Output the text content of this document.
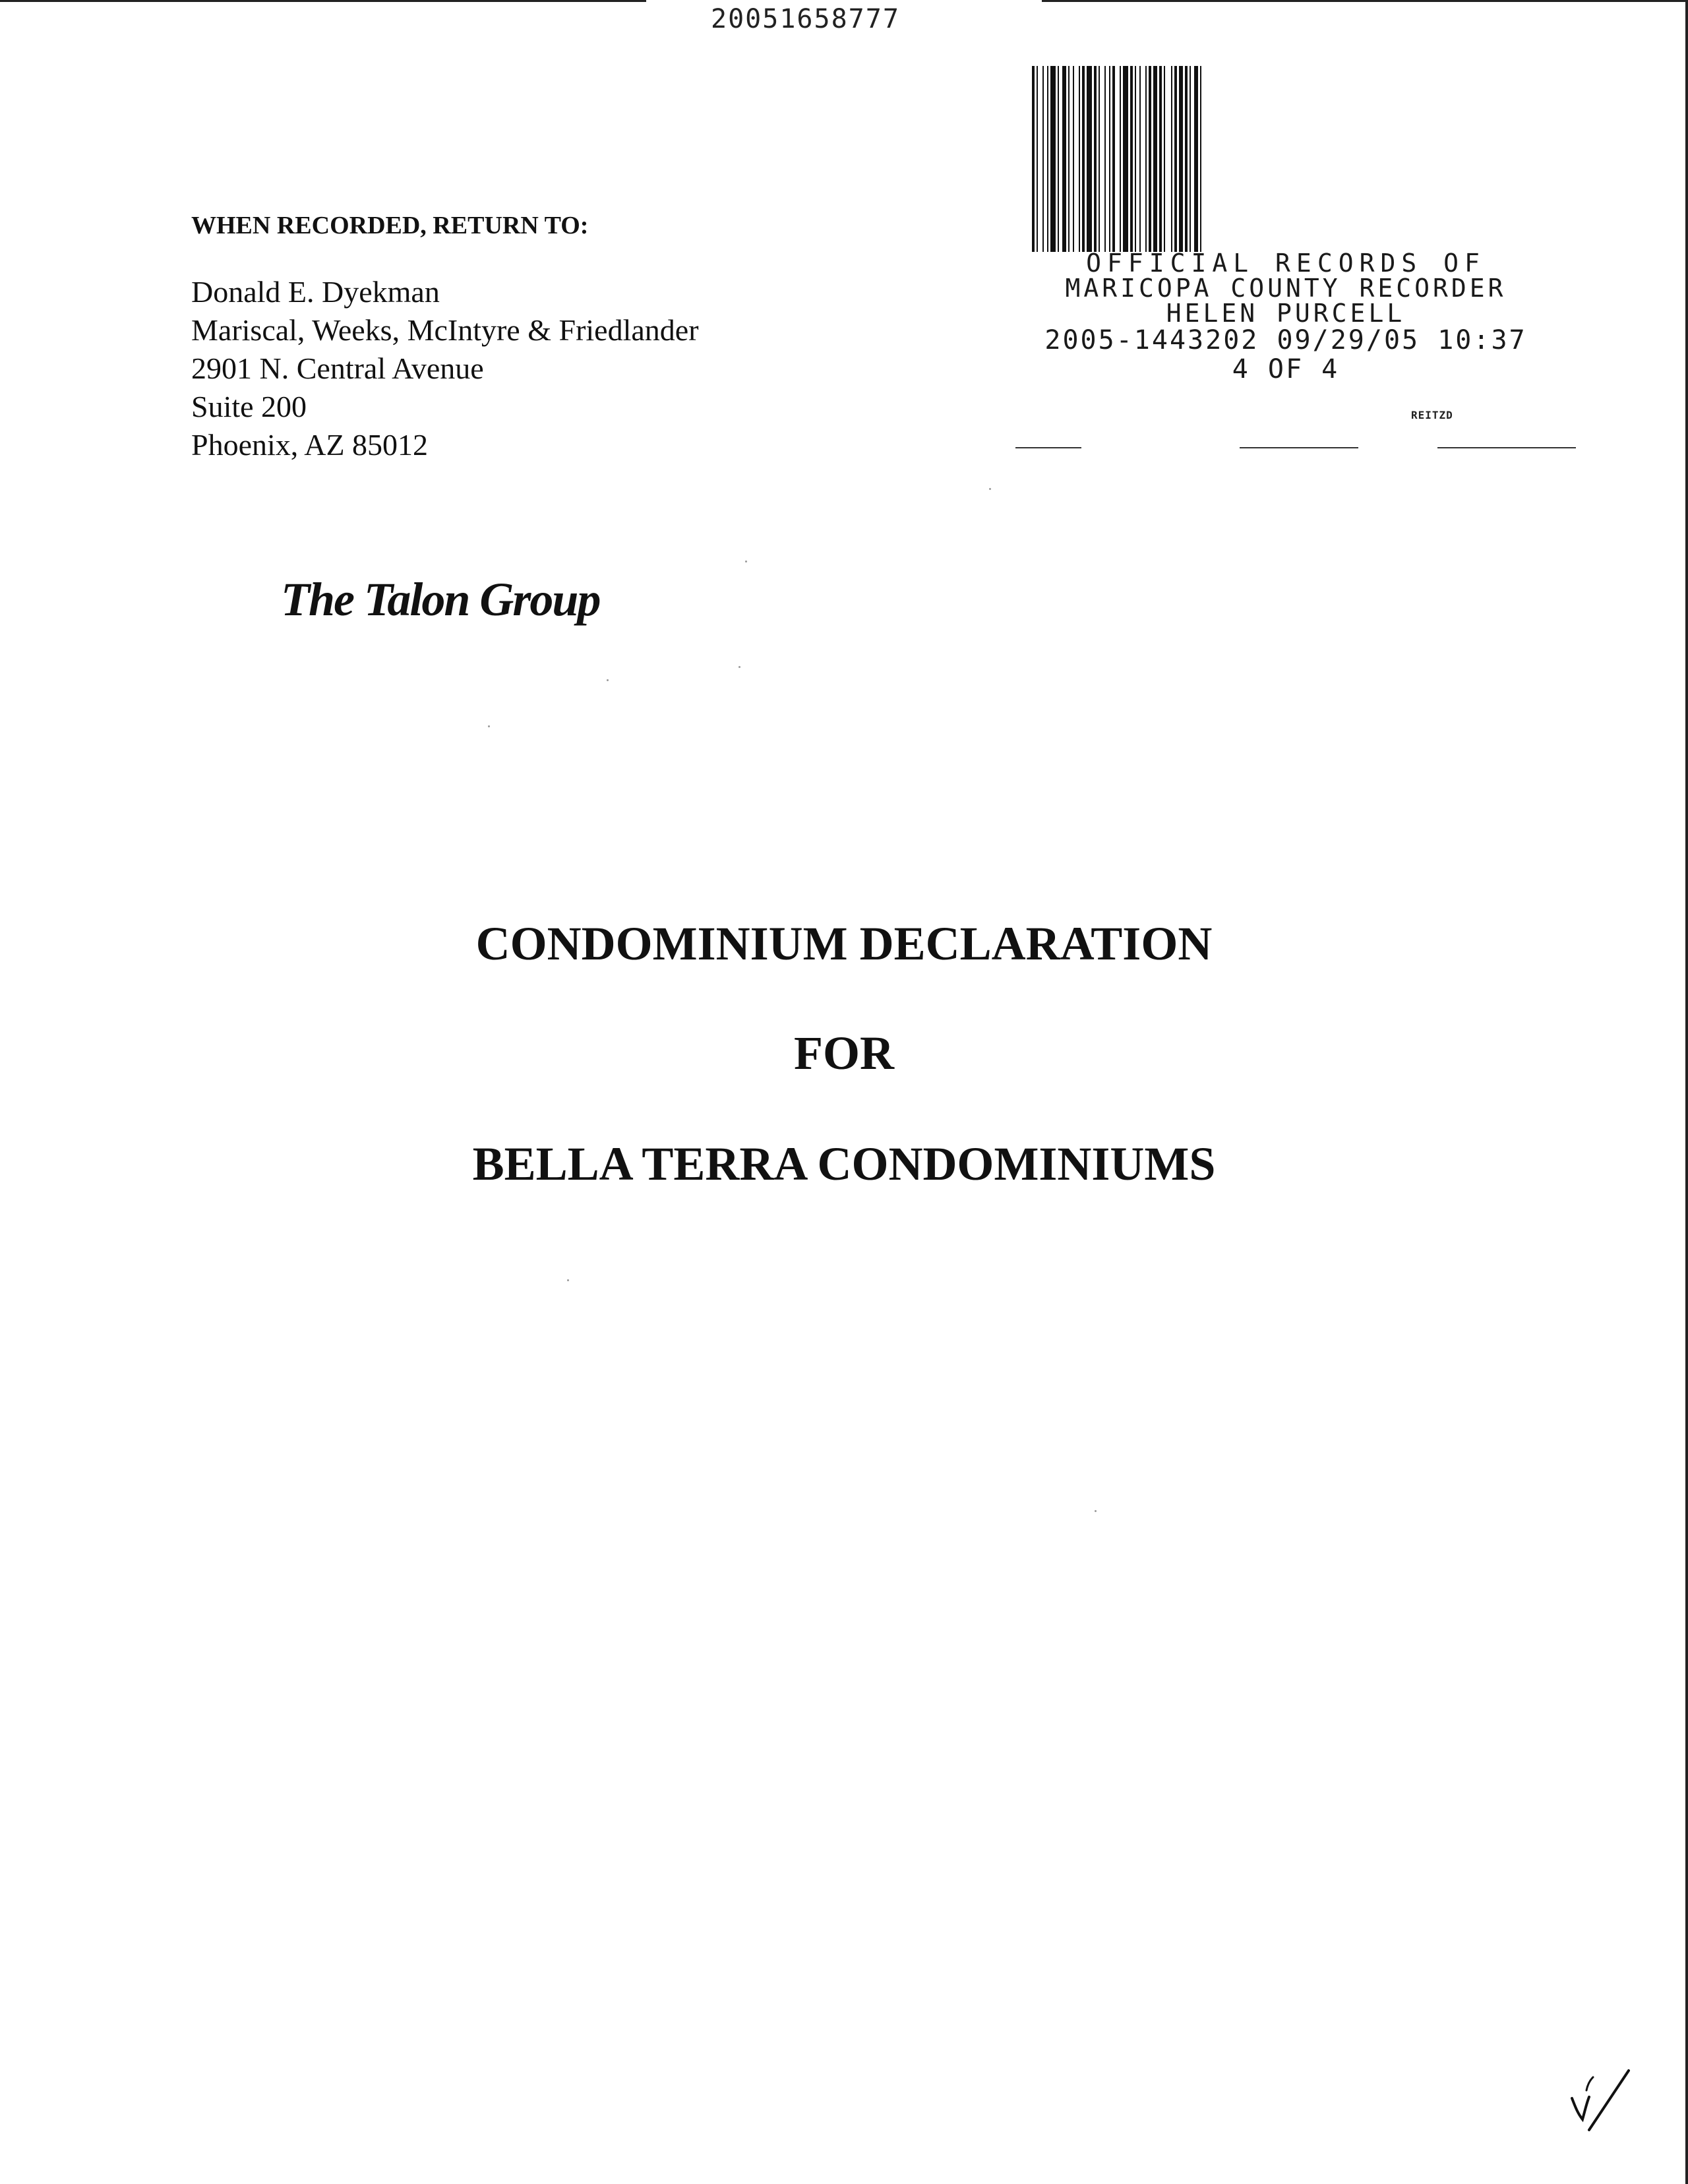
20051658777
OFFICIAL RECORDS OF
MARICOPA COUNTY RECORDER
HELEN PURCELL
2005-1443202 09/29/05 10:37
4 OF 4
REITZD
WHEN RECORDED, RETURN TO:
Donald E. Dyekman
Mariscal, Weeks, McIntyre & Friedlander
2901 N. Central Avenue
Suite 200
Phoenix, AZ 85012
The Talon Group
CONDOMINIUM DECLARATION
FOR
BELLA TERRA CONDOMINIUMS
